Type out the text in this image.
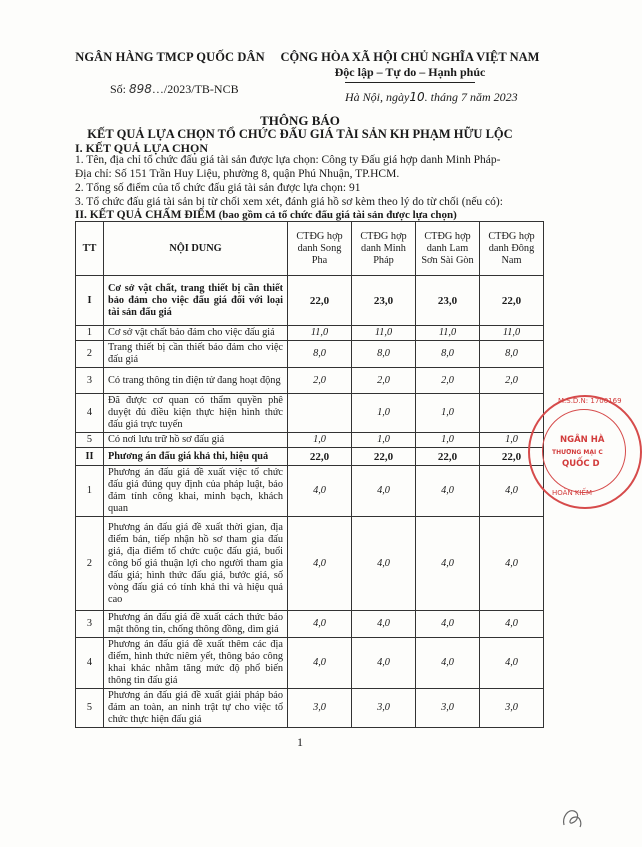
NGÂN HÀNG TMCP QUỐC DÂN	CỘNG HÒA XÃ HỘI CHỦ NGHĨA VIỆT NAM
Độc lập – Tự do – Hạnh phúc
Số: 898…/2023/TB-NCB
Hà Nội, ngày10. tháng 7 năm 2023
THÔNG BÁO
KẾT QUẢ LỰA CHỌN TỔ CHỨC ĐẤU GIÁ TÀI SẢN KH PHẠM HỮU LỘC
I. KẾT QUẢ LỰA CHỌN
1. Tên, địa chỉ tổ chức đấu giá tài sản được lựa chọn: Công ty Đấu giá hợp danh Minh Pháp-
Địa chỉ: Số 151 Trần Huy Liệu, phường 8, quận Phú Nhuận, TP.HCM.
2. Tổng số điểm của tổ chức đấu giá tài sản được lựa chọn: 91
3. Tổ chức đấu giá tài sản bị từ chối xem xét, đánh giá hồ sơ kèm theo lý do từ chối (nếu có):
II. KẾT QUẢ CHẤM ĐIỂM (bao gồm cả tổ chức đấu giá tài sản được lựa chọn)
TT	NỘI DUNG	CTĐG hợp danh Song Pha	CTĐG hợp danh Minh Pháp	CTĐG hợp danh Lam Sơn Sài Gòn	CTĐG hợp danh Đông Nam
I	Cơ sở vật chất, trang thiết bị cần thiết bảo đảm cho việc đấu giá đối với loại tài sản đấu giá	22,0	23,0	23,0	22,0
1	Cơ sở vật chất bảo đảm cho việc đấu giá	11,0	11,0	11,0	11,0
2	Trang thiết bị cần thiết bảo đảm cho việc đấu giá	8,0	8,0	8,0	8,0
3	Có trang thông tin điện tử đang hoạt động	2,0	2,0	2,0	2,0
4	Đã được cơ quan có thẩm quyền phê duyệt đủ điều kiện thực hiện hình thức đấu giá trực tuyến		1,0	1,0	
5	Có nơi lưu trữ hồ sơ đấu giá	1,0	1,0	1,0	1,0
II	Phương án đấu giá khả thi, hiệu quả	22,0	22,0	22,0	22,0
1	Phương án đấu giá đề xuất việc tổ chức đấu giá đúng quy định của pháp luật, bảo đảm tính công khai, minh bạch, khách quan	4,0	4,0	4,0	4,0
2	Phương án đấu giá đề xuất thời gian, địa điểm bán, tiếp nhận hồ sơ tham gia đấu giá, địa điểm tổ chức cuộc đấu giá, buổi công bố giá thuận lợi cho người tham gia đấu giá; hình thức đấu giá, bước giá, số vòng đấu giá có tính khả thi và hiệu quả cao	4,0	4,0	4,0	4,0
3	Phương án đấu giá đề xuất cách thức bảo mật thông tin, chống thông đồng, dìm giá	4,0	4,0	4,0	4,0
4	Phương án đấu giá đề xuất thêm các địa điểm, hình thức niêm yết, thông báo công khai khác nhằm tăng mức độ phổ biến thông tin đấu giá	4,0	4,0	4,0	4,0
5	Phương án đấu giá đề xuất giải pháp bảo đảm an toàn, an ninh trật tự cho việc tổ chức thực hiện đấu giá	3,0	3,0	3,0	3,0
1
M.S.D.N: 1700169
NGÂN HÀ
THƯƠNG MẠI C
QUỐC D
HOÀN KIẾM
